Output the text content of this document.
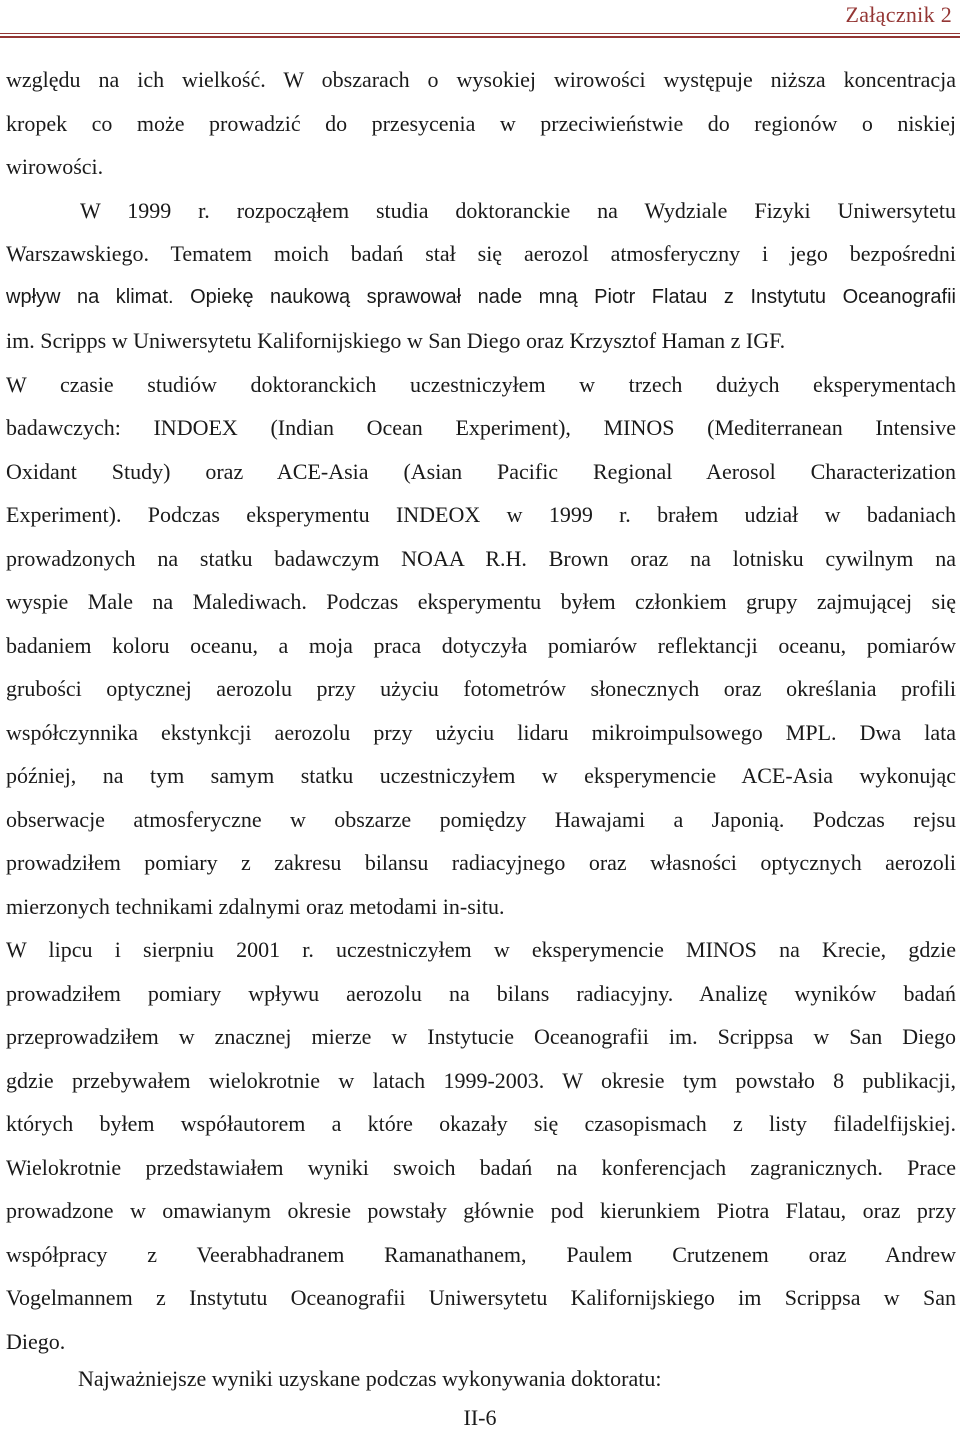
Załącznik 2
względu na ich wielkość. W obszarach o wysokiej wirowości występuje niższa koncentracja
kropek co może prowadzić do przesycenia w przeciwieństwie do regionów o niskiej
wirowości.
W 1999 r. rozpocząłem studia doktoranckie na Wydziale Fizyki Uniwersytetu
Warszawskiego. Tematem moich badań stał się aerozol atmosferyczny i jego bezpośredni
wpływ na klimat. Opiekę naukową sprawował nade mną Piotr Flatau z Instytutu Oceanografii
im. Scripps w Uniwersytetu Kalifornijskiego w San Diego oraz Krzysztof Haman z IGF.
W czasie studiów doktoranckich uczestniczyłem w trzech dużych eksperymentach
badawczych: INDOEX (Indian Ocean Experiment), MINOS (Mediterranean Intensive
Oxidant Study) oraz ACE-Asia (Asian Pacific Regional Aerosol Characterization
Experiment). Podczas eksperymentu INDEOX w 1999 r. brałem udział w badaniach
prowadzonych na statku badawczym NOAA R.H. Brown oraz na lotnisku cywilnym na
wyspie Male na Malediwach. Podczas eksperymentu byłem członkiem grupy zajmującej się
badaniem koloru oceanu, a moja praca dotyczyła pomiarów reflektancji oceanu, pomiarów
grubości optycznej aerozolu przy użyciu fotometrów słonecznych oraz określania profili
współczynnika ekstynkcji aerozolu przy użyciu lidaru mikroimpulsowego MPL. Dwa lata
później, na tym samym statku uczestniczyłem w eksperymencie ACE-Asia wykonując
obserwacje atmosferyczne w obszarze pomiędzy Hawajami a Japonią. Podczas rejsu
prowadziłem pomiary z zakresu bilansu radiacyjnego oraz własności optycznych aerozoli
mierzonych technikami zdalnymi oraz metodami in-situ.
W lipcu i sierpniu 2001 r. uczestniczyłem w eksperymencie MINOS na Krecie, gdzie
prowadziłem pomiary wpływu aerozolu na bilans radiacyjny. Analizę wyników badań
przeprowadziłem w znacznej mierze w Instytucie Oceanografii im. Scrippsa w San Diego
gdzie przebywałem wielokrotnie w latach 1999-2003. W okresie tym powstało 8 publikacji,
których byłem współautorem a które okazały się czasopismach z listy filadelfijskiej.
Wielokrotnie przedstawiałem wyniki swoich badań na konferencjach zagranicznych. Prace
prowadzone w omawianym okresie powstały głównie pod kierunkiem Piotra Flatau, oraz przy
współpracy z Veerabhadranem Ramanathanem, Paulem Crutzenem oraz Andrew
Vogelmannem z Instytutu Oceanografii Uniwersytetu Kalifornijskiego im Scrippsa w San
Diego.
Najważniejsze wyniki uzyskane podczas wykonywania doktoratu:
II-6
